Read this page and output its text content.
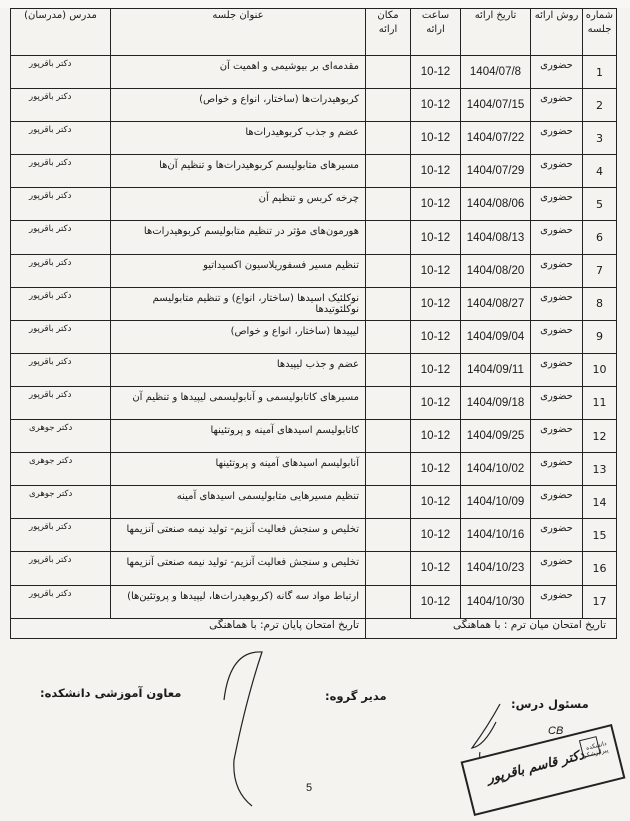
شماره جلسه	روش ارائه	تاریخ ارائه	ساعت ارائه	مکان ارائه	عنوان جلسه	مدرس (مدرسان)
1	حضوری	1404/07/8	10-12		مقدمه‌ای بر بیوشیمی و اهمیت آن	دکتر باقرپور
2	حضوری	1404/07/15	10-12		کربوهیدرات‌ها (ساختار، انواع و خواص)	دکتر باقرپور
3	حضوری	1404/07/22	10-12		عضم و جذب کربوهیدرات‌ها	دکتر باقرپور
4	حضوری	1404/07/29	10-12		مسیرهای متابولیسم کربوهیدرات‌ها و تنظیم آن‌ها	دکتر باقرپور
5	حضوری	1404/08/06	10-12		چرخه کربس و تنظیم آن	دکتر باقرپور
6	حضوری	1404/08/13	10-12		هورمون‌های مؤثر در تنظیم متابولیسم کربوهیدرات‌ها	دکتر باقرپور
7	حضوری	1404/08/20	10-12		تنظیم مسیر فسفوریلاسیون اکسیداتیو	دکتر باقرپور
8	حضوری	1404/08/27	10-12		نوکلئیک اسیدها (ساختار، انواع) و تنظیم متابولیسم نوکلئوتیدها	دکتر باقرپور
9	حضوری	1404/09/04	10-12		لیپیدها (ساختار، انواع و خواص)	دکتر باقرپور
10	حضوری	1404/09/11	10-12		عضم و جذب لیپیدها	دکتر باقرپور
11	حضوری	1404/09/18	10-12		مسیرهای کاتابولیسمی و آنابولیسمی لیپیدها و تنظیم آن	دکتر باقرپور
12	حضوری	1404/09/25	10-12		کاتابولیسم اسیدهای آمینه و پروتئینها	دکتر جوهری
13	حضوری	1404/10/02	10-12		آنابولیسم اسیدهای آمینه و پروتئینها	دکتر جوهری
14	حضوری	1404/10/09	10-12		تنظیم مسیرهایی متابولیسمی اسیدهای آمینه	دکتر جوهری
15	حضوری	1404/10/16	10-12		تخلیص و سنجش فعالیت آنزیم- تولید نیمه صنعتی آنزیمها	دکتر باقرپور
16	حضوری	1404/10/23	10-12		تخلیص و سنجش فعالیت آنزیم- تولید نیمه صنعتی آنزیمها	دکتر باقرپور
17	حضوری	1404/10/30	10-12		ارتباط مواد سه گانه (کربوهیدرات‌ها، لیپیدها و پروتئین‌ها)	دکتر باقرپور
تاریخ امتحان میان ترم : با هماهنگی					تاریخ امتحان پایان ترم: با هماهنگی	
مسئول درس:
مدیر گروه:
معاون آموزشی دانشکده:
CB
دکتر قاسم باقرپور
دانشکده پیراپزشکی
5
